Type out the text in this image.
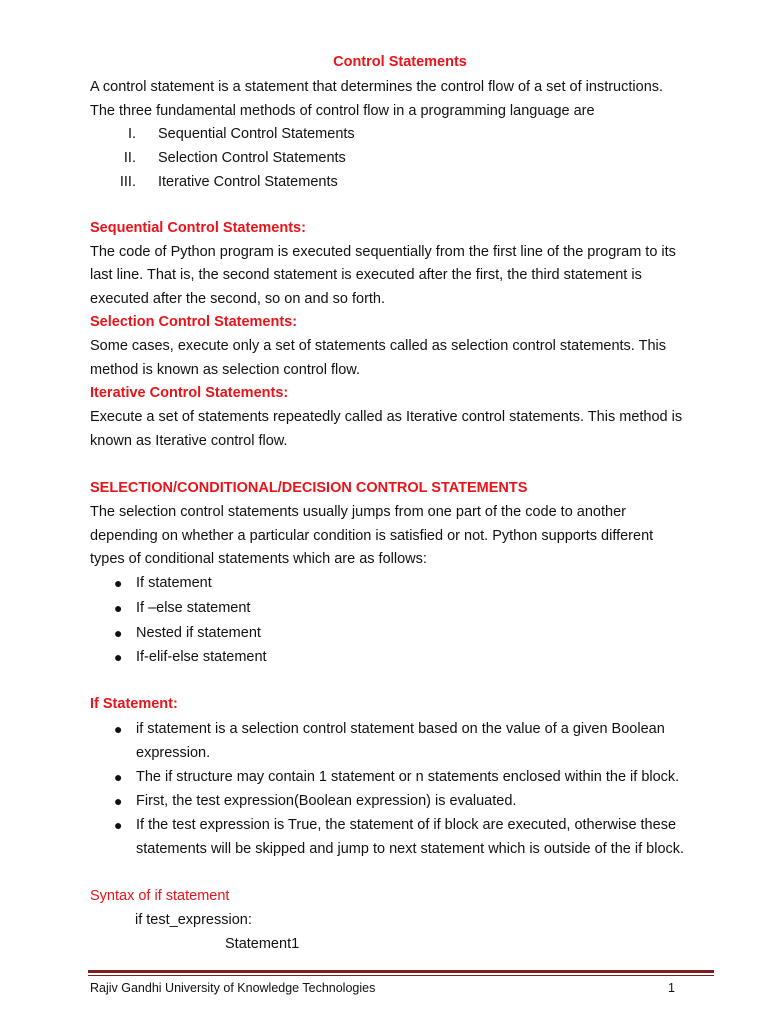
Control Statements
A control statement is a statement that determines the control flow of a set of instructions.
The three fundamental methods of control flow in a programming language are
I. Sequential Control Statements
II. Selection Control Statements
III. Iterative Control Statements
Sequential Control Statements:
The code of Python program is executed sequentially from the first line of the program to its
last line. That is, the second statement is executed after the first, the third statement is
executed after the second, so on and so forth.
Selection Control Statements:
Some cases, execute only a set of statements called as selection control statements. This
method is known as selection control flow.
Iterative Control Statements:
Execute a set of statements repeatedly called as Iterative control statements. This method is
known as Iterative control flow.
SELECTION/CONDITIONAL/DECISION CONTROL STATEMENTS
The selection control statements usually jumps from one part of the code to another
depending on whether a particular condition is satisfied or not. Python supports different
types of conditional statements which are as follows:
● If statement
● If –else statement
● Nested if statement
● If-elif-else statement
If Statement:
● if statement is a selection control statement based on the value of a given Boolean
expression.
● The if structure may contain 1 statement or n statements enclosed within the if block.
● First, the test expression(Boolean expression) is evaluated.
● If the test expression is True, the statement of if block are executed, otherwise these
statements will be skipped and jump to next statement which is outside of the if block.
Syntax of if statement
if test_expression:
Statement1
Rajiv Gandhi University of Knowledge Technologies	1
